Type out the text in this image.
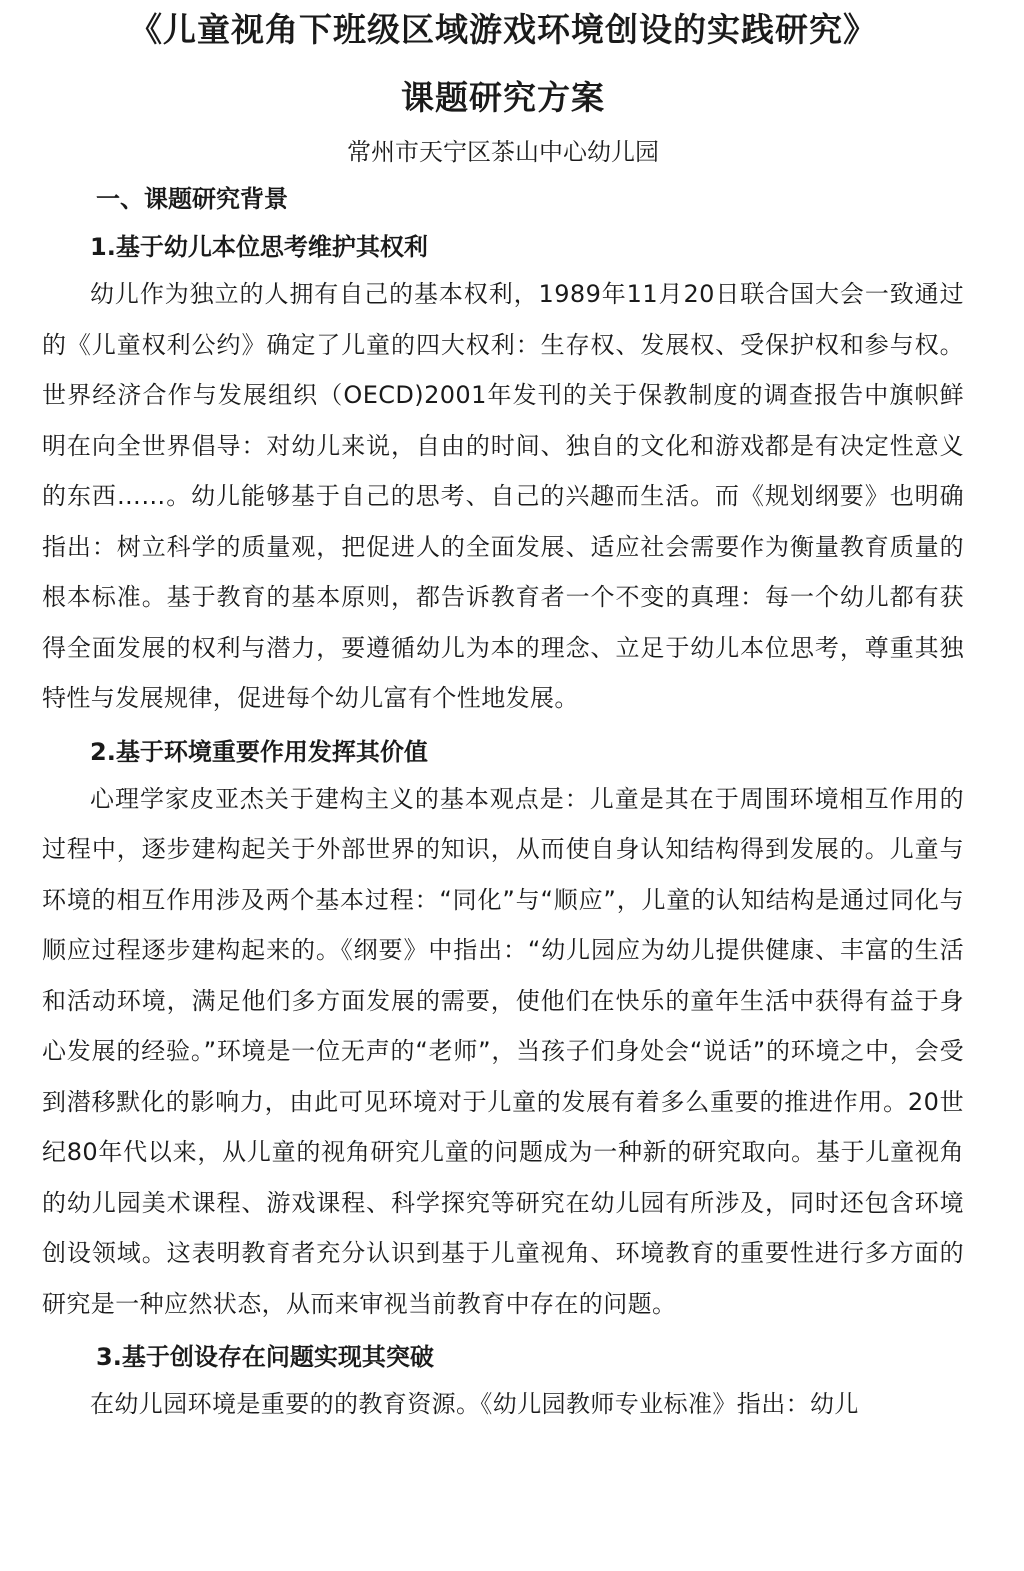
《儿童视角下班级区域游戏环境创设的实践研究》
课题研究方案
常州市天宁区茶山中心幼儿园
一、课题研究背景
1.基于幼儿本位思考维护其权利
幼儿作为独立的人拥有自己的基本权利，1989年11月20日联合国大会一致通过的《儿童权利公约》确定了儿童的四大权利：生存权、发展权、受保护权和参与权。世界经济合作与发展组织（OECD)2001年发刊的关于保教制度的调查报告中旗帜鲜明在向全世界倡导：对幼儿来说，自由的时间、独自的文化和游戏都是有决定性意义的东西……。幼儿能够基于自己的思考、自己的兴趣而生活。而《规划纲要》也明确指出：树立科学的质量观，把促进人的全面发展、适应社会需要作为衡量教育质量的根本标准。基于教育的基本原则，都告诉教育者一个不变的真理：每一个幼儿都有获得全面发展的权利与潜力，要遵循幼儿为本的理念、立足于幼儿本位思考，尊重其独特性与发展规律，促进每个幼儿富有个性地发展。
2.基于环境重要作用发挥其价值
心理学家皮亚杰关于建构主义的基本观点是：儿童是其在于周围环境相互作用的过程中，逐步建构起关于外部世界的知识，从而使自身认知结构得到发展的。儿童与环境的相互作用涉及两个基本过程：“同化”与“顺应”，儿童的认知结构是通过同化与顺应过程逐步建构起来的。《纲要》中指出：“幼儿园应为幼儿提供健康、丰富的生活和活动环境，满足他们多方面发展的需要，使他们在快乐的童年生活中获得有益于身心发展的经验。”环境是一位无声的“老师”，当孩子们身处会“说话”的环境之中，会受到潜移默化的影响力，由此可见环境对于儿童的发展有着多么重要的推进作用。20世纪80年代以来，从儿童的视角研究儿童的问题成为一种新的研究取向。基于儿童视角的幼儿园美术课程、游戏课程、科学探究等研究在幼儿园有所涉及，同时还包含环境创设领域。这表明教育者充分认识到基于儿童视角、环境教育的重要性进行多方面的研究是一种应然状态，从而来审视当前教育中存在的问题。
3.基于创设存在问题实现其突破
在幼儿园环境是重要的的教育资源。《幼儿园教师专业标准》指出：幼儿
